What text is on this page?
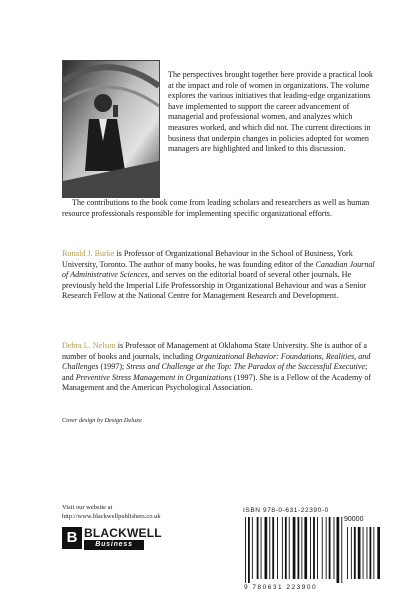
The perspectives brought together here provide a practical look at the impact and role of women in organizations. The volume explores the various initiatives that leading-edge organizations have implemented to support the career advancement of managerial and professional women, and analyzes which measures worked, and which did not. The current directions in business that underpin changes in policies adopted for women managers are highlighted and linked to this discussion.

The contributions to the book come from leading scholars and researchers as well as human resource professionals responsible for implementing specific organizational efforts.

Ronald J. Burke is Professor of Organizational Behaviour in the School of Business, York University, Toronto. The author of many books, he was founding editor of the Canadian Journal of Administrative Sciences, and serves on the editorial board of several other journals. He previously held the Imperial Life Professorship in Organizational Behaviour and was a Senior Research Fellow at the National Centre for Management Research and Development.

Debra L. Nelson is Professor of Management at Oklahoma State University. She is author of a number of books and journals, including Organizational Behavior: Foundations, Realities, and Challenges (1997); Stress and Challenge at the Top: The Paradox of the Successful Executive; and Preventive Stress Management in Organizations (1997). She is a Fellow of the Academy of Management and the American Psychological Association.

Cover design by Design Deluxe

Visit our website at
http://www.blackwellpublishers.co.uk
B BLACKWELL
Business

ISBN 978-0-631-22390-0

90000

9 780631 223900
